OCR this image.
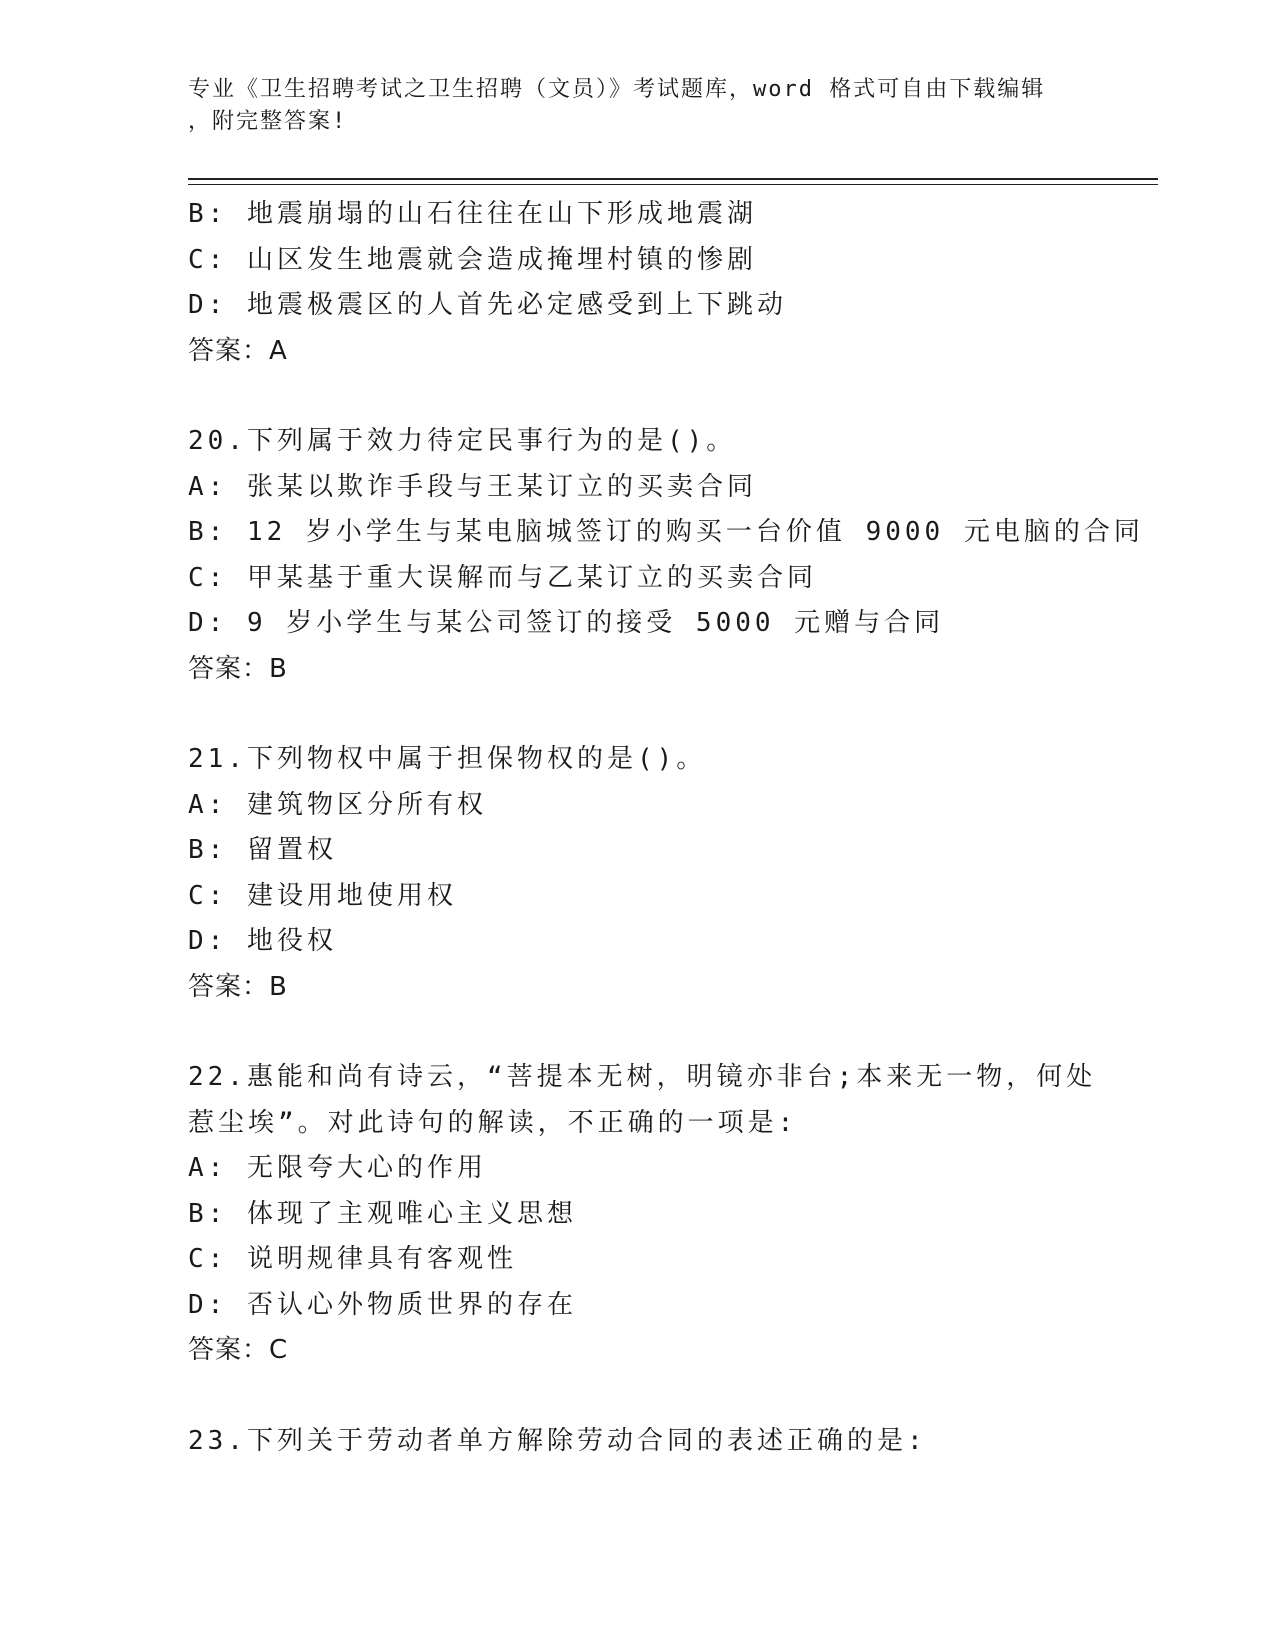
专业《卫生招聘考试之卫生招聘（文员）》考试题库，word 格式可自由下载编辑
，附完整答案!
B: 地震崩塌的山石往往在山下形成地震湖
C: 山区发生地震就会造成掩埋村镇的惨剧
D: 地震极震区的人首先必定感受到上下跳动
答案：A
20.下列属于效力待定民事行为的是()。
A: 张某以欺诈手段与王某订立的买卖合同
B: 12 岁小学生与某电脑城签订的购买一台价值 9000 元电脑的合同
C: 甲某基于重大误解而与乙某订立的买卖合同
D: 9 岁小学生与某公司签订的接受 5000 元赠与合同
答案：B
21.下列物权中属于担保物权的是()。
A: 建筑物区分所有权
B: 留置权
C: 建设用地使用权
D: 地役权
答案：B
22.惠能和尚有诗云，“菩提本无树，明镜亦非台;本来无一物，何处
惹尘埃”。对此诗句的解读，不正确的一项是:
A: 无限夸大心的作用
B: 体现了主观唯心主义思想
C: 说明规律具有客观性
D: 否认心外物质世界的存在
答案：C
23.下列关于劳动者单方解除劳动合同的表述正确的是:
